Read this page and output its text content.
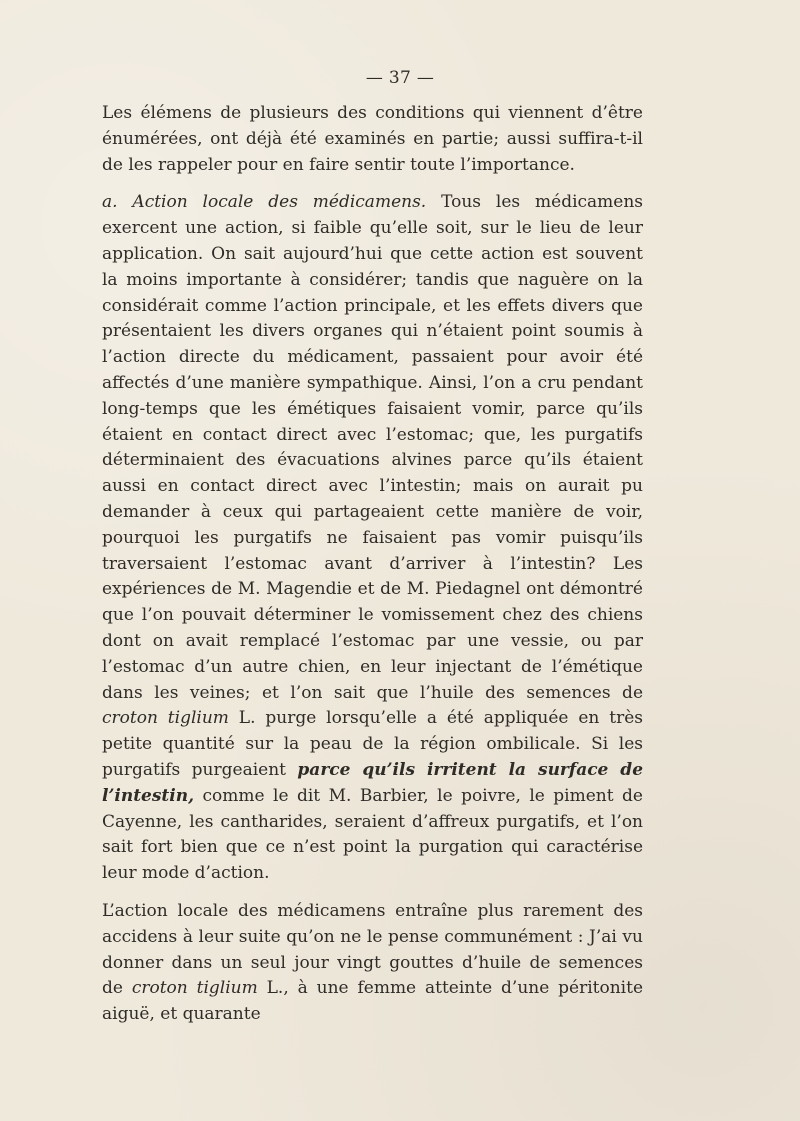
— 37 —

Les élémens de plusieurs des conditions qui viennent d’être énumérées, ont déjà été examinés en partie; aussi suffira-t-il de les rappeler pour en faire sentir toute l’importance.

a. Action locale des médicamens. Tous les médicamens exercent une action, si faible qu’elle soit, sur le lieu de leur application. On sait aujourd’hui que cette action est souvent la moins importante à considérer; tandis que naguère on la considérait comme l’action principale, et les effets divers que présentaient les divers organes qui n’étaient point soumis à l’action directe du médicament, passaient pour avoir été affectés d’une manière sympathique. Ainsi, l’on a cru pendant long-temps que les émétiques faisaient vomir, parce qu’ils étaient en contact direct avec l’estomac; que, les purgatifs déterminaient des évacuations alvines parce qu’ils étaient aussi en contact direct avec l’intestin; mais on aurait pu demander à ceux qui partageaient cette manière de voir, pourquoi les purgatifs ne faisaient pas vomir puisqu’ils traversaient l’estomac avant d’arriver à l’intestin? Les expériences de M. Magendie et de M. Piedagnel ont démontré que l’on pouvait déterminer le vomissement chez des chiens dont on avait remplacé l’estomac par une vessie, ou par l’estomac d’un autre chien, en leur injectant de l’émétique dans les veines; et l’on sait que l’huile des semences de croton tiglium L. purge lorsqu’elle a été appliquée en très petite quantité sur la peau de la région ombilicale. Si les purgatifs purgeaient parce qu’ils irritent la surface de l’intestin, comme le dit M. Barbier, le poivre, le piment de Cayenne, les cantharides, seraient d’affreux purgatifs, et l’on sait fort bien que ce n’est point la purgation qui caractérise leur mode d’action.

L’action locale des médicamens entraîne plus rarement des accidens à leur suite qu’on ne le pense communément : J’ai vu donner dans un seul jour vingt gouttes d’huile de semences de croton tiglium L., à une femme atteinte d’une péritonite aiguë, et quarante
